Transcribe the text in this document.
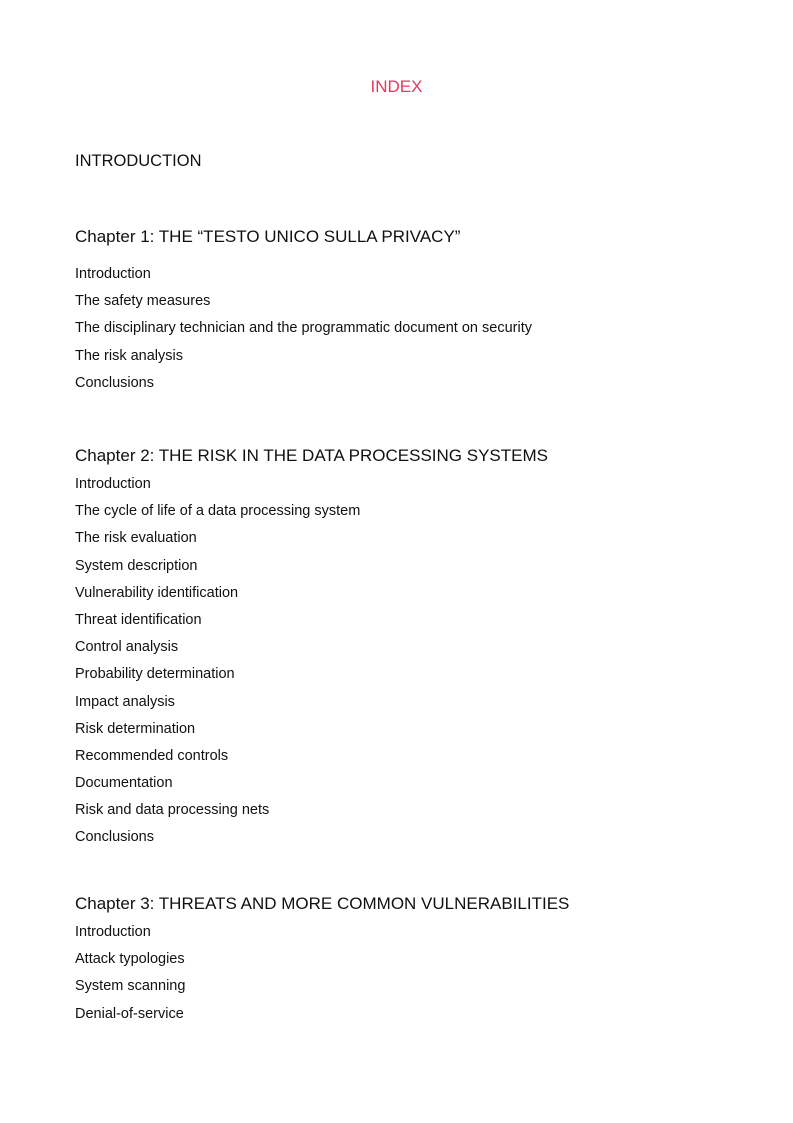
INDEX
INTRODUCTION
Chapter 1: THE “TESTO UNICO SULLA PRIVACY”
Introduction
The safety measures
The disciplinary technician and the programmatic document on security
The risk analysis
Conclusions
Chapter 2: THE RISK IN THE DATA PROCESSING SYSTEMS
Introduction
The cycle of life of a data processing system
The risk evaluation
System description
Vulnerability identification
Threat identification
Control analysis
Probability determination
Impact analysis
Risk determination
Recommended controls
Documentation
Risk and data processing nets
Conclusions
Chapter 3: THREATS AND MORE COMMON VULNERABILITIES
Introduction
Attack typologies
System scanning
Denial-of-service
